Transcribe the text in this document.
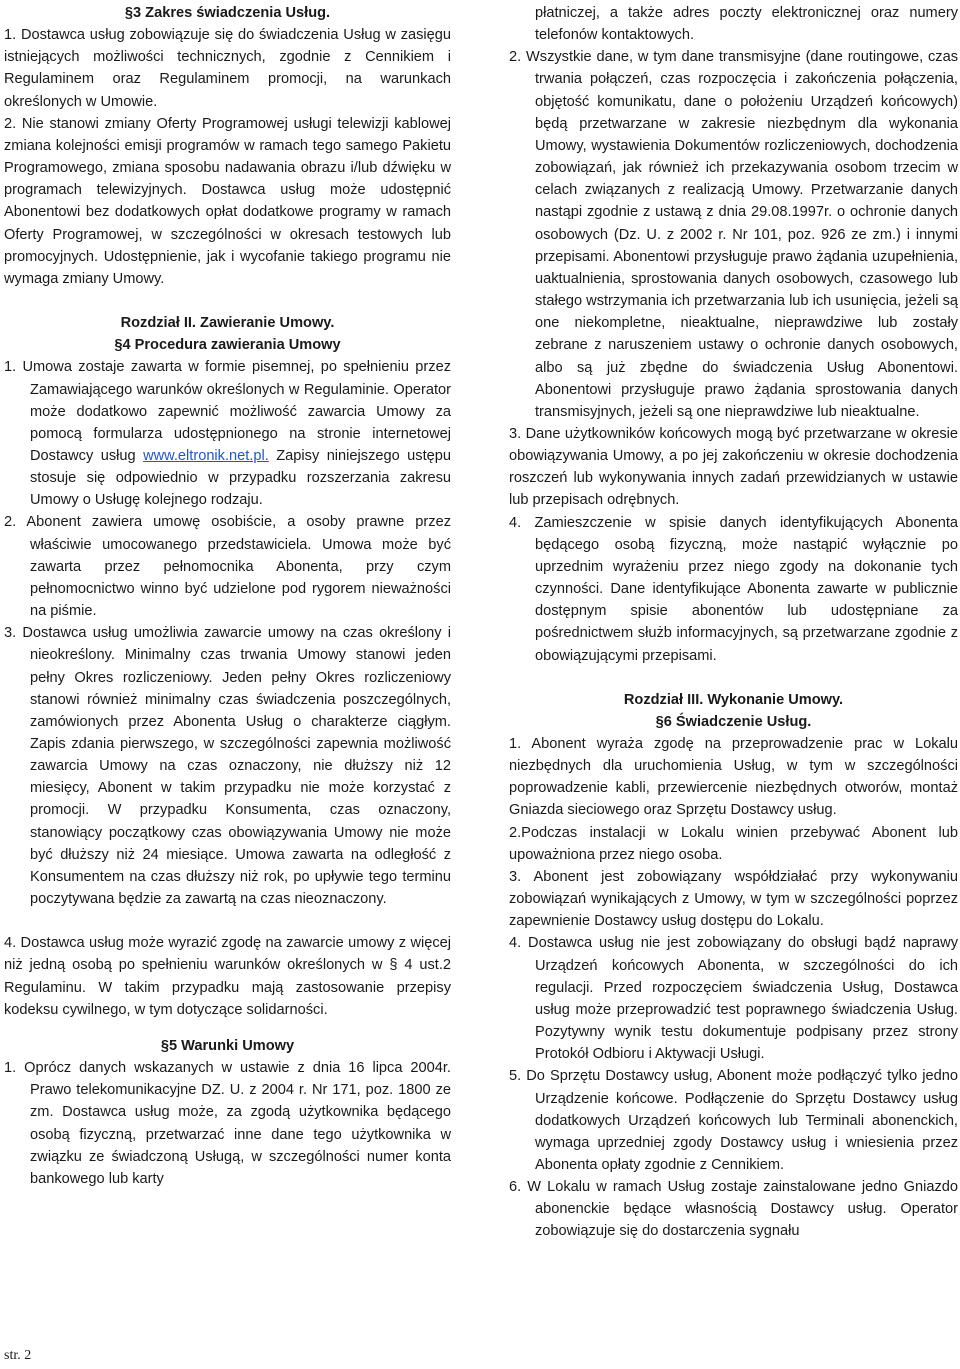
§3 Zakres świadczenia Usług.

1. Dostawca usług zobowiązuje się do świadczenia Usług w zasięgu istniejących możliwości technicznych, zgodnie z Cennikiem i Regulaminem oraz Regulaminem promocji, na warunkach określonych w Umowie.

2. Nie stanowi zmiany Oferty Programowej usługi telewizji kablowej zmiana kolejności emisji programów w ramach tego samego Pakietu Programowego, zmiana sposobu nadawania obrazu i/lub dźwięku w programach telewizyjnych. Dostawca usług może udostępnić Abonentowi bez dodatkowych opłat dodatkowe programy w ramach Oferty Programowej, w szczególności w okresach testowych lub promocyjnych. Udostępnienie, jak i wycofanie takiego programu nie wymaga zmiany Umowy.

Rozdział II. Zawieranie Umowy.

§4 Procedura zawierania Umowy

1. Umowa zostaje zawarta w formie pisemnej, po spełnieniu przez Zamawiającego warunków określonych w Regulaminie. Operator może dodatkowo zapewnić możliwość zawarcia Umowy za pomocą formularza udostępnionego na stronie internetowej Dostawcy usług www.eltronik.net.pl. Zapisy niniejszego ustępu stosuje się odpowiednio w przypadku rozszerzania zakresu Umowy o Usługę kolejnego rodzaju.

2. Abonent zawiera umowę osobiście, a osoby prawne przez właściwie umocowanego przedstawiciela. Umowa może być zawarta przez pełnomocnika Abonenta, przy czym pełnomocnictwo winno być udzielone pod rygorem nieważności na piśmie.

3. Dostawca usług umożliwia zawarcie umowy na czas określony i nieokreślony. Minimalny czas trwania Umowy stanowi jeden pełny Okres rozliczeniowy. Jeden pełny Okres rozliczeniowy stanowi również minimalny czas świadczenia poszczególnych, zamówionych przez Abonenta Usług o charakterze ciągłym. Zapis zdania pierwszego, w szczególności zapewnia możliwość zawarcia Umowy na czas oznaczony, nie dłuższy niż 12 miesięcy, Abonent w takim przypadku nie może korzystać z promocji. W przypadku Konsumenta, czas oznaczony, stanowiący początkowy czas obowiązywania Umowy nie może być dłuższy niż 24 miesiące. Umowa zawarta na odległość z Konsumentem na czas dłuższy niż rok, po upływie tego terminu poczytywana będzie za zawartą na czas nieoznaczony.

4. Dostawca usług może wyrazić zgodę na zawarcie umowy z więcej niż jedną osobą po spełnieniu warunków określonych w § 4 ust.2 Regulaminu. W takim przypadku mają zastosowanie przepisy kodeksu cywilnego, w tym dotyczące solidarności.

§5 Warunki Umowy

1. Oprócz danych wskazanych w ustawie z dnia 16 lipca 2004r. Prawo telekomunikacyjne DZ. U. z 2004 r. Nr 171, poz. 1800 ze zm. Dostawca usług może, za zgodą użytkownika będącego osobą fizyczną, przetwarzać inne dane tego użytkownika w związku ze świadczoną Usługą, w szczególności numer konta bankowego lub karty

płatniczej, a także adres poczty elektronicznej oraz numery telefonów kontaktowych.

2. Wszystkie dane, w tym dane transmisyjne (dane routingowe, czas trwania połączeń, czas rozpoczęcia i zakończenia połączenia, objętość komunikatu, dane o położeniu Urządzeń końcowych) będą przetwarzane w zakresie niezbędnym dla wykonania Umowy, wystawienia Dokumentów rozliczeniowych, dochodzenia zobowiązań, jak również ich przekazywania osobom trzecim w celach związanych z realizacją Umowy. Przetwarzanie danych nastąpi zgodnie z ustawą z dnia 29.08.1997r. o ochronie danych osobowych (Dz. U. z 2002 r. Nr 101, poz. 926 ze zm.) i innymi przepisami. Abonentowi przysługuje prawo żądania uzupełnienia, uaktualnienia, sprostowania danych osobowych, czasowego lub stałego wstrzymania ich przetwarzania lub ich usunięcia, jeżeli są one niekompletne, nieaktualne, nieprawdziwe lub zostały zebrane z naruszeniem ustawy o ochronie danych osobowych, albo są już zbędne do świadczenia Usług Abonentowi. Abonentowi przysługuje prawo żądania sprostowania danych transmisyjnych, jeżeli są one nieprawdziwe lub nieaktualne.

3. Dane użytkowników końcowych mogą być przetwarzane w okresie obowiązywania Umowy, a po jej zakończeniu w okresie dochodzenia roszczeń lub wykonywania innych zadań przewidzianych w ustawie lub przepisach odrębnych.

4. Zamieszczenie w spisie danych identyfikujących Abonenta będącego osobą fizyczną, może nastąpić wyłącznie po uprzednim wyrażeniu przez niego zgody na dokonanie tych czynności. Dane identyfikujące Abonenta zawarte w publicznie dostępnym spisie abonentów lub udostępniane za pośrednictwem służb informacyjnych, są przetwarzane zgodnie z obowiązującymi przepisami.

Rozdział III. Wykonanie Umowy.

§6 Świadczenie Usług.

1. Abonent wyraża zgodę na przeprowadzenie prac w Lokalu niezbędnych dla uruchomienia Usług, w tym w szczególności poprowadzenie kabli, przewiercenie niezbędnych otworów, montaż Gniazda sieciowego oraz Sprzętu Dostawcy usług.

2.Podczas instalacji w Lokalu winien przebywać Abonent lub upoważniona przez niego osoba.

3. Abonent jest zobowiązany współdziałać przy wykonywaniu zobowiązań wynikających z Umowy, w tym w szczególności poprzez zapewnienie Dostawcy usług dostępu do Lokalu.

4. Dostawca usług nie jest zobowiązany do obsługi bądź naprawy Urządzeń końcowych Abonenta, w szczególności do ich regulacji. Przed rozpoczęciem świadczenia Usług, Dostawca usług może przeprowadzić test poprawnego świadczenia Usług. Pozytywny wynik testu dokumentuje podpisany przez strony Protokół Odbioru i Aktywacji Usługi.

5. Do Sprzętu Dostawcy usług, Abonent może podłączyć tylko jedno Urządzenie końcowe. Podłączenie do Sprzętu Dostawcy usług dodatkowych Urządzeń końcowych lub Terminali abonenckich, wymaga uprzedniej zgody Dostawcy usług i wniesienia przez Abonenta opłaty zgodnie z Cennikiem.

6. W Lokalu w ramach Usług zostaje zainstalowane jedno Gniazdo abonenckie będące własnością Dostawcy usług. Operator zobowiązuje się do dostarczenia sygnału

str. 2
